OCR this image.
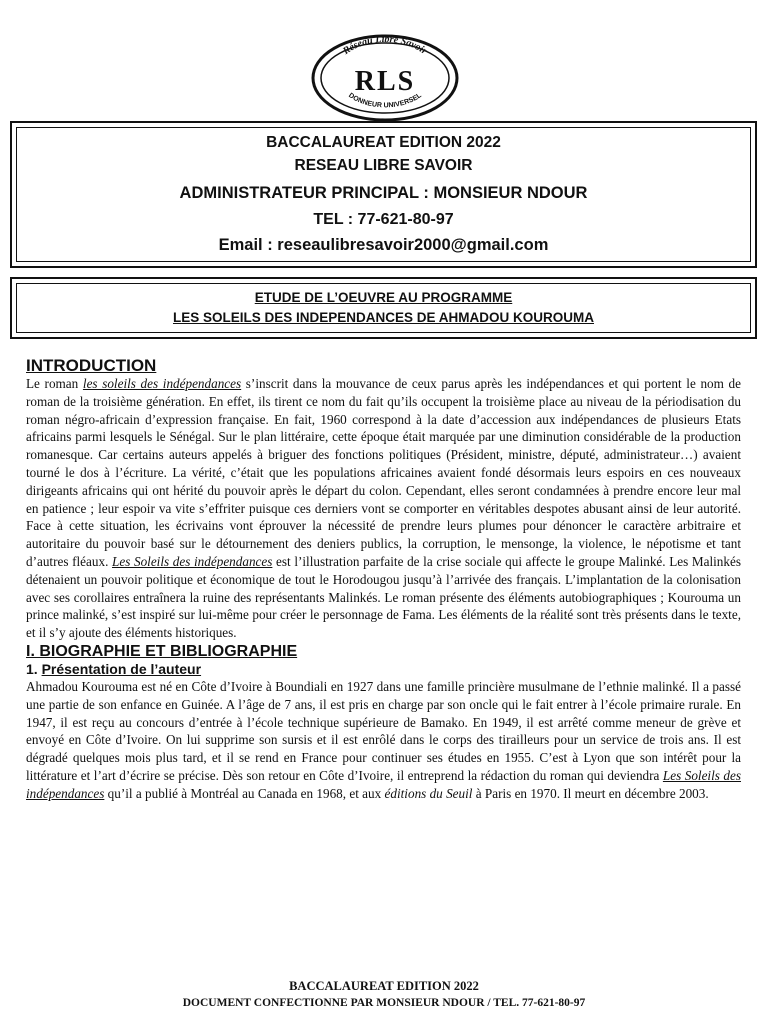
Réseau Libre Savoir
DONNEUR UNIVERSEL
RLS
BACCALAUREAT EDITION 2022
RESEAU LIBRE SAVOIR
ADMINISTRATEUR PRINCIPAL : MONSIEUR NDOUR
TEL : 77-621-80-97
Email : reseaulibresavoir2000@gmail.com
ETUDE DE L’OEUVRE AU PROGRAMME
LES SOLEILS DES INDEPENDANCES DE AHMADOU KOUROUMA
INTRODUCTION

Le roman les soleils des indépendances s’inscrit dans la mouvance de ceux parus après les indépendances et qui portent le nom de roman de la troisième génération. En effet, ils tirent ce nom du fait qu’ils occupent la troisième place au niveau de la périodisation du roman négro-africain d’expression française. En fait, 1960 correspond à la date d’accession aux indépendances de plusieurs Etats africains parmi lesquels le Sénégal. Sur le plan littéraire, cette époque était marquée par une diminution considérable de la production romanesque. Car certains auteurs appelés à briguer des fonctions politiques (Président, ministre, député, administrateur…) avaient tourné le dos à l’écriture. La vérité, c’était que les populations africaines avaient fondé désormais leurs espoirs en ces nouveaux dirigeants africains qui ont hérité du pouvoir après le départ du colon. Cependant, elles seront condamnées à prendre encore leur mal en patience ; leur espoir va vite s’effriter puisque ces derniers vont se comporter en véritables despotes abusant ainsi de leur autorité. Face à cette situation, les écrivains vont éprouver la nécessité de prendre leurs plumes pour dénoncer le caractère arbitraire et autoritaire du pouvoir basé sur le détournement des deniers publics, la corruption, le mensonge, la violence, le népotisme et tant d’autres fléaux. Les Soleils des indépendances est l’illustration parfaite de la crise sociale qui affecte le groupe Malinké. Les Malinkés détenaient un pouvoir politique et économique de tout le Horodougou jusqu’à l’arrivée des français. L’implantation de la colonisation avec ses corollaires entraînera la ruine des représentants Malinkés. Le roman présente des éléments autobiographiques ; Kourouma un prince malinké, s’est inspiré sur lui-même pour créer le personnage de Fama. Les éléments de la réalité sont très présents dans le texte, et il s’y ajoute des éléments historiques.

I. BIOGRAPHIE ET BIBLIOGRAPHIE
1. Présentation de l’auteur

Ahmadou Kourouma est né en Côte d’Ivoire à Boundiali en 1927 dans une famille princière musulmane de l’ethnie malinké. Il a passé une partie de son enfance en Guinée. A l’âge de 7 ans, il est pris en charge par son oncle qui le fait entrer à l’école primaire rurale. En 1947, il est reçu au concours d’entrée à l’école technique supérieure de Bamako. En 1949, il est arrêté comme meneur de grève et envoyé en Côte d’Ivoire. On lui supprime son sursis et il est enrôlé dans le corps des tirailleurs pour un service de trois ans. Il est dégradé quelques mois plus tard, et il se rend en France pour continuer ses études en 1955. C’est à Lyon que son intérêt pour la littérature et l’art d’écrire se précise. Dès son retour en Côte d’Ivoire, il entreprend la rédaction du roman qui deviendra Les Soleils des indépendances qu’il a publié à Montréal au Canada en 1968, et aux éditions du Seuil à Paris en 1970. Il meurt en décembre 2003.

BACCALAUREAT EDITION 2022
DOCUMENT CONFECTIONNE PAR MONSIEUR NDOUR / TEL. 77-621-80-97
